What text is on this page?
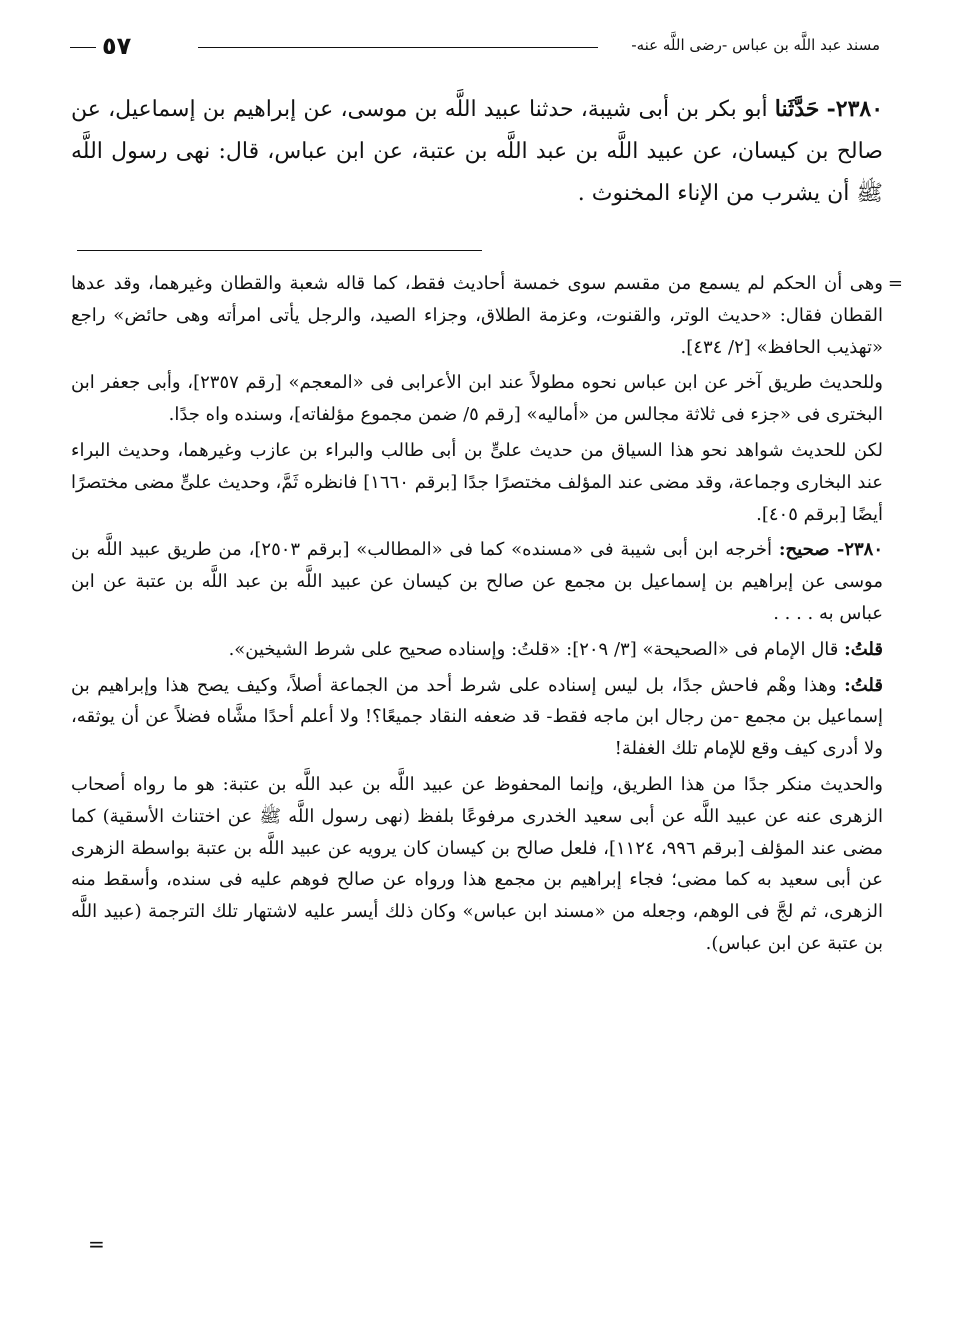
مسند عبد اللَّه بن عباس -رضى اللَّه عنه-
٥٧
٢٣٨٠- حَدَّثَنا أبو بكر بن أبى شيبة، حدثنا عبيد اللَّه بن موسى، عن إبراهيم بن إسماعيل، عن صالح بن كيسان، عن عبيد اللَّه بن عبد اللَّه بن عتبة، عن ابن عباس، قال: نهى رسول اللَّه ﷺ أن يشرب من الإناء المخنوث .

=
وهى أن الحكم لم يسمع من مقسم سوى خمسة أحاديث فقط، كما قاله شعبة والقطان وغيرهما، وقد عدها القطان فقال: «حديث الوتر، والقنوت، وعزمة الطلاق، وجزاء الصيد، والرجل يأتى امرأته وهى حائض» راجع «تهذيب الحافظ» [٢/ ٤٣٤].

وللحديث طريق آخر عن ابن عباس نحوه مطولاً عند ابن الأعرابى فى «المعجم» [رقم ٢٣٥٧]، وأبى جعفر ابن البخترى فى «جزء فى ثلاثة مجالس من «أماليه» [رقم ٥/ ضمن مجموع مؤلفاته]، وسنده واه جدًا.

لكن للحديث شواهد نحو هذا السياق من حديث علىٍّ بن أبى طالب والبراء بن عازب وغيرهما، وحديث البراء عند البخارى وجماعة، وقد مضى عند المؤلف مختصرًا جدًا [برقم ١٦٦٠] فانظره ثَمَّ، وحديث علىٍّ مضى مختصرًا أيضًا [برقم ٤٠٥].

٢٣٨٠- صحيح: أخرجه ابن أبى شيبة فى «مسنده» كما فى «المطالب» [برقم ٢٥٠٣]، من طريق عبيد اللَّه بن موسى عن إبراهيم بن إسماعيل بن مجمع عن صالح بن كيسان عن عبيد اللَّه بن عبد اللَّه بن عتبة عن ابن عباس به . . . .

قلتُ: قال الإمام فى «الصحيحة» [٣/ ٢٠٩]: «قلتُ: وإسناده صحيح على شرط الشيخين».

قلتُ: وهذا وهْم فاحش جدًا، بل ليس إسناده على شرط أحد من الجماعة أصلاً، وكيف يصح هذا وإبراهيم بن إسماعيل بن مجمع -من رجال ابن ماجه فقط- قد ضعفه النقاد جميعًا؟! ولا أعلم أحدًا مشَّاه فضلاً عن أن يوثقه، ولا أدرى كيف وقع للإمام تلك الغفلة!

والحديث منكر جدًا من هذا الطريق، وإنما المحفوظ عن عبيد اللَّه بن عبد اللَّه بن عتبة: هو ما رواه أصحاب الزهرى عنه عن عبيد اللَّه عن أبى سعيد الخدرى مرفوعًا بلفظ (نهى رسول اللَّه ﷺ عن اختناث الأسقية) كما مضى عند المؤلف [برقم ٩٩٦، ١١٢٤]، فلعل صالح بن كيسان كان يرويه عن عبيد اللَّه بن عتبة بواسطة الزهرى عن أبى سعيد به كما مضى؛ فجاء إبراهيم بن مجمع هذا ورواه عن صالح فوهم عليه فى سنده، وأسقط منه الزهرى، ثم لجَّ فى الوهم، وجعله من «مسند ابن عباس» وكان ذلك أيسر عليه لاشتهار تلك الترجمة (عبيد اللَّه بن عتبة عن ابن عباس).

=
